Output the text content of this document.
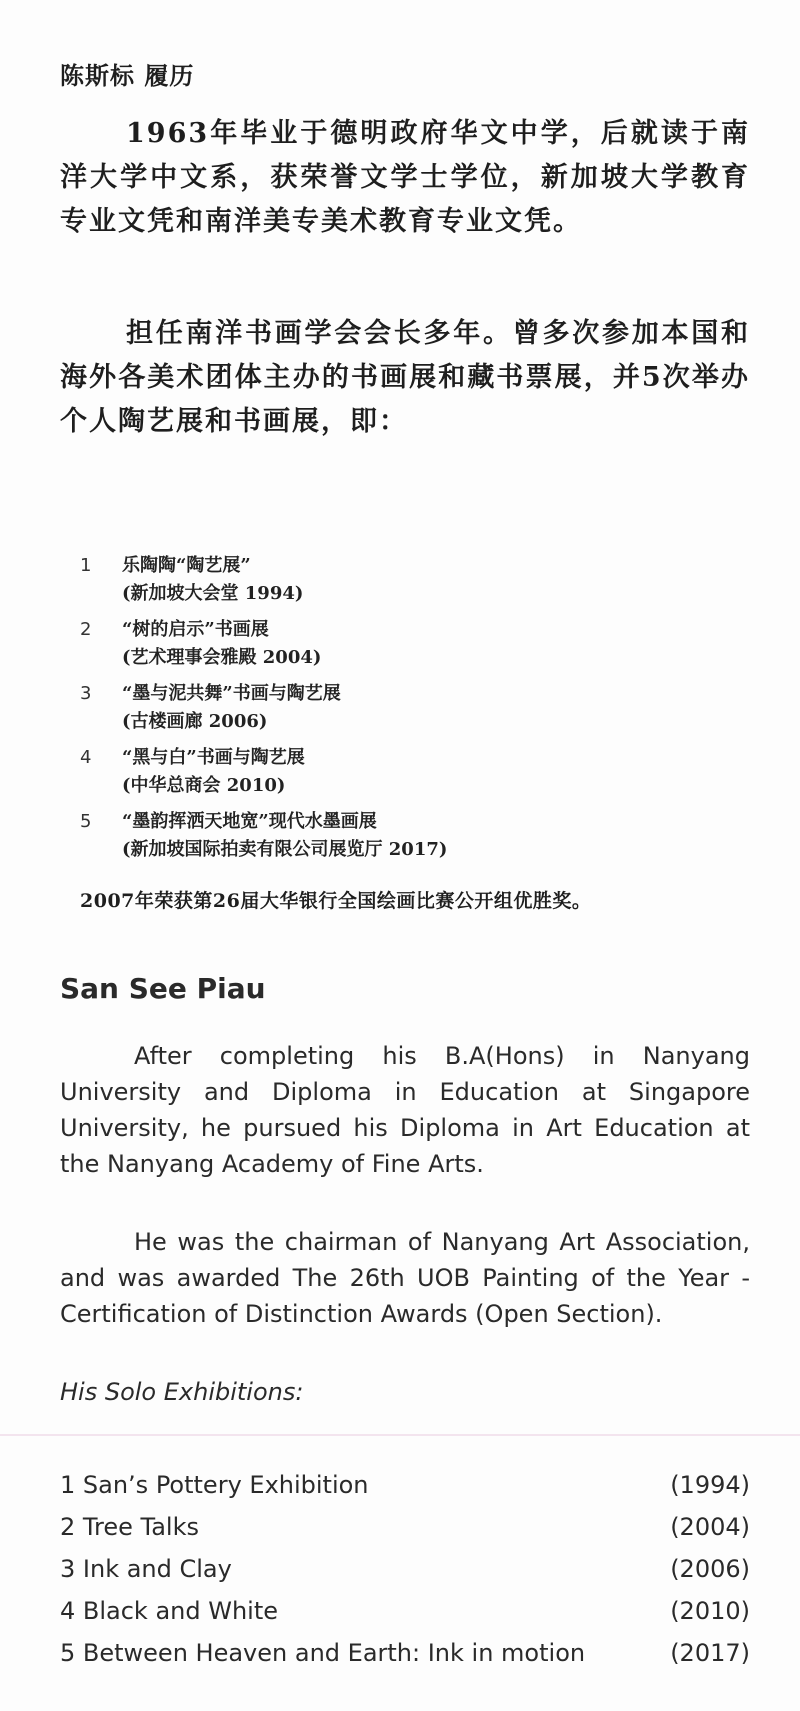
陈斯标 履历
1963年毕业于德明政府华文中学，后就读于南洋大学中文系，获荣誉文学士学位，新加坡大学教育专业文凭和南洋美专美术教育专业文凭。
担任南洋书画学会会长多年。曾多次参加本国和海外各美术团体主办的书画展和藏书票展，并5次举办个人陶艺展和书画展，即：
1	乐陶陶“陶艺展”
(新加坡大会堂 1994)
2	“树的启示”书画展
(艺术理事会雅殿 2004)
3	“墨与泥共舞”书画与陶艺展
(古楼画廊 2006)
4	“黑与白”书画与陶艺展
(中华总商会 2010)
5	“墨韵挥洒天地宽”现代水墨画展
(新加坡国际拍卖有限公司展览厅 2017)
2007年荣获第26届大华银行全国绘画比赛公开组优胜奖。
San See Piau
After completing his B.A(Hons) in Nanyang University and Diploma in Education at Singapore University, he pursued his Diploma in Art Education at the Nanyang Academy of Fine Arts.
He was the chairman of Nanyang Art Association, and was awarded The 26th UOB Painting of the Year - Certification of Distinction Awards (Open Section).
His Solo Exhibitions:
1 San’s Pottery Exhibition	(1994)
2 Tree Talks	(2004)
3 Ink and Clay	(2006)
4 Black and White	(2010)
5 Between Heaven and Earth: Ink in motion	(2017)
